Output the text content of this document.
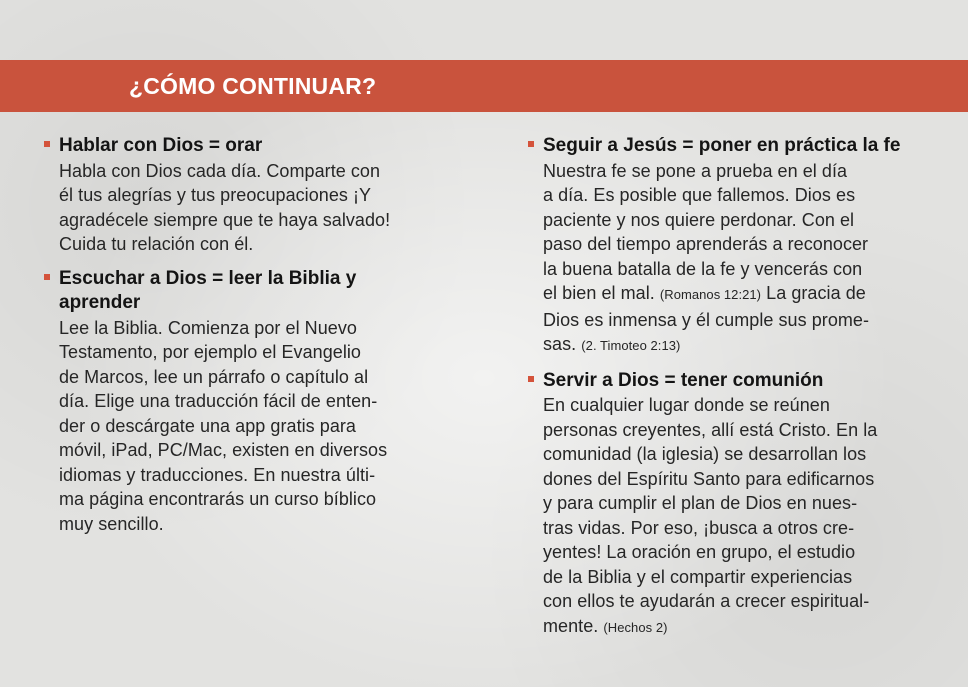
¿CÓMO CONTINUAR?
Hablar con Dios = orar
Habla con Dios cada día. Comparte con
él tus alegrías y tus preocupaciones ¡Y
agradécele siempre que te haya salvado!
Cuida tu relación con él.
Escuchar a Dios = leer la Biblia y
aprender
Lee la Biblia. Comienza por el Nuevo
Testamento, por ejemplo el Evangelio
de Marcos, lee un párrafo o capítulo al
día. Elige una traducción fácil de enten-
der o descárgate una app gratis para
móvil, iPad, PC/Mac, existen en diversos
idiomas y traducciones. En nuestra últi-
ma página encontrarás un curso bíblico
muy sencillo.
Seguir a Jesús = poner en práctica la fe
Nuestra fe se pone a prueba en el día
a día. Es posible que fallemos. Dios es
paciente y nos quiere perdonar. Con el
paso del tiempo aprenderás a reconocer
la buena batalla de la fe y vencerás con
el bien el mal. (Romanos 12:21) La gracia de
Dios es inmensa y él cumple sus prome-
sas. (2. Timoteo 2:13)
Servir a Dios = tener comunión
En cualquier lugar donde se reúnen
personas creyentes, allí está Cristo. En la
comunidad (la iglesia) se desarrollan los
dones del Espíritu Santo para edificarnos
y para cumplir el plan de Dios en nues-
tras vidas. Por eso, ¡busca a otros cre-
yentes! La oración en grupo, el estudio
de la Biblia y el compartir experiencias
con ellos te ayudarán a crecer espiritual-
mente. (Hechos 2)
